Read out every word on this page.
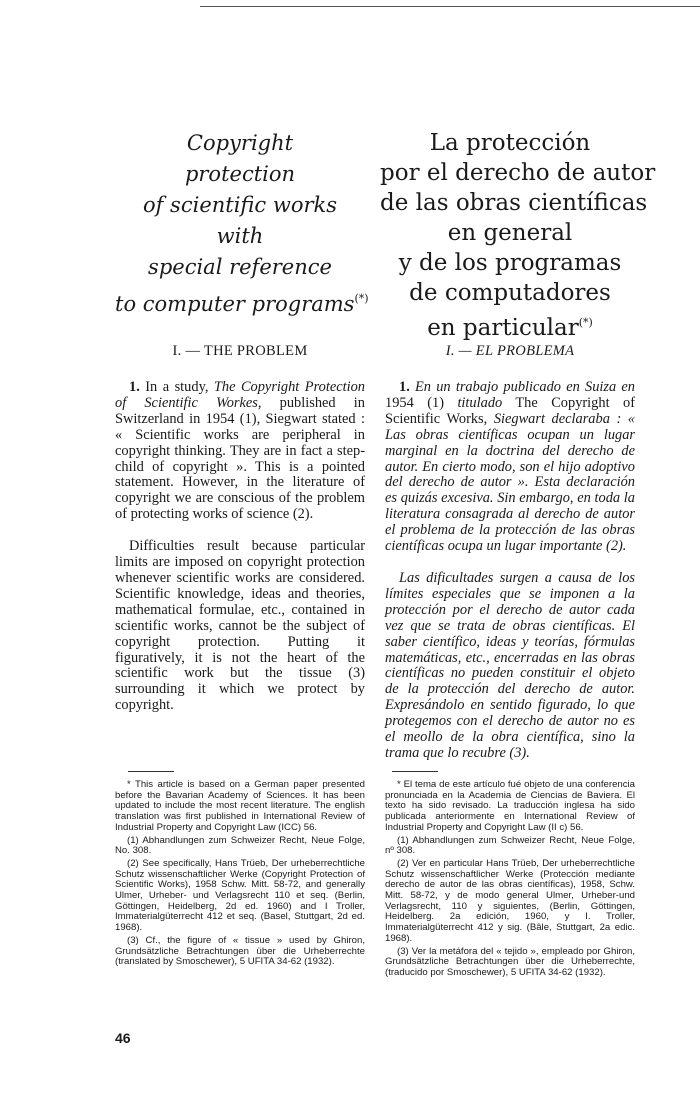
Copyright
protection
of scientific works
with
special reference
to computer programs(*)
La protección
por el derecho de autor
de las obras científicas
en general
y de los programas
de computadores
en particular(*)
I. — THE PROBLEM	I. — EL PROBLEMA

1. In a study, The Copyright Protection of Scientific Workes, published in Switzerland in 1954 (1), Siegwart stated : « Scientific works are peripheral in copyright thinking. They are in fact a step-child of copyright ». This is a pointed statement. However, in the literature of copyright we are conscious of the problem of protecting works of science (2).

Difficulties result because particular limits are imposed on copyright protection whenever scientific works are considered. Scientific knowledge, ideas and theories, mathematical formulae, etc., contained in scientific works, cannot be the subject of copyright protection. Putting it figuratively, it is not the heart of the scientific work but the tissue (3) surrounding it which we protect by copyright.

1. En un trabajo publicado en Suiza en 1954 (1) titulado The Copyright of Scientific Works, Siegwart declaraba : « Las obras científicas ocupan un lugar marginal en la doctrina del derecho de autor. En cierto modo, son el hijo adoptivo del derecho de autor ». Esta declaración es quizás excesiva. Sin embargo, en toda la literatura consagrada al derecho de autor el problema de la protección de las obras científicas ocupa un lugar importante (2).

Las dificultades surgen a causa de los límites especiales que se imponen a la protección por el derecho de autor cada vez que se trata de obras científicas. El saber científico, ideas y teorías, fórmulas matemáticas, etc., encerradas en las obras científicas no pueden constituir el objeto de la protección del derecho de autor. Expresándolo en sentido figurado, lo que protegemos con el derecho de autor no es el meollo de la obra científica, sino la trama que lo recubre (3).

* This article is based on a German paper presented before the Bavarian Academy of Sciences. It has been updated to include the most recent literature. The english translation was first published in International Review of Industrial Property and Copyright Law (ICC) 56.

(1) Abhandlungen zum Schweizer Recht, Neue Folge, No. 308.

(2) See specifically, Hans Trüeb, Der urheberrechtliche Schutz wissenschaftlicher Werke (Copyright Protection of Scientific Works), 1958 Schw. Mitt. 58-72, and generally Ulmer, Urheber- und Verlagsrecht 110 et seq. (Berlin, Göttingen, Heidelberg, 2d ed. 1960) and I Troller, Immaterialgüterrecht 412 et seq. (Basel, Stuttgart, 2d ed. 1968).

(3) Cf., the figure of « tissue » used by Ghiron, Grundsätzliche Betrachtungen über die Urheberrechte (translated by Smoschewer), 5 UFITA 34-62 (1932).

* El tema de este artículo fué objeto de una conferencia pronunciada en la Academia de Ciencias de Baviera. El texto ha sido revisado. La traducción inglesa ha sido publicada anteriormente en International Review of Industrial Property and Copyright Law (II c) 56.

(1) Abhandlungen zum Schweizer Recht, Neue Folge, nº 308.

(2) Ver en particular Hans Trüeb, Der urheberrechtliche Schutz wissenschaftlicher Werke (Protección mediante derecho de autor de las obras científicas), 1958, Schw. Mitt. 58-72, y de modo general Ulmer, Urheber-und Verlagsrecht, 110 y siguientes, (Berlin, Göttingen, Heidelberg. 2a edición, 1960, y I. Troller, Immaterialgüterrecht 412 y sig. (Bâle, Stuttgart, 2a edic. 1968).

(3) Ver la metáfora del « tejido », empleado por Ghiron, Grundsätzliche Betrachtungen über die Urheberrechte, (traducido por Smoschewer), 5 UFITA 34-62 (1932).

46
